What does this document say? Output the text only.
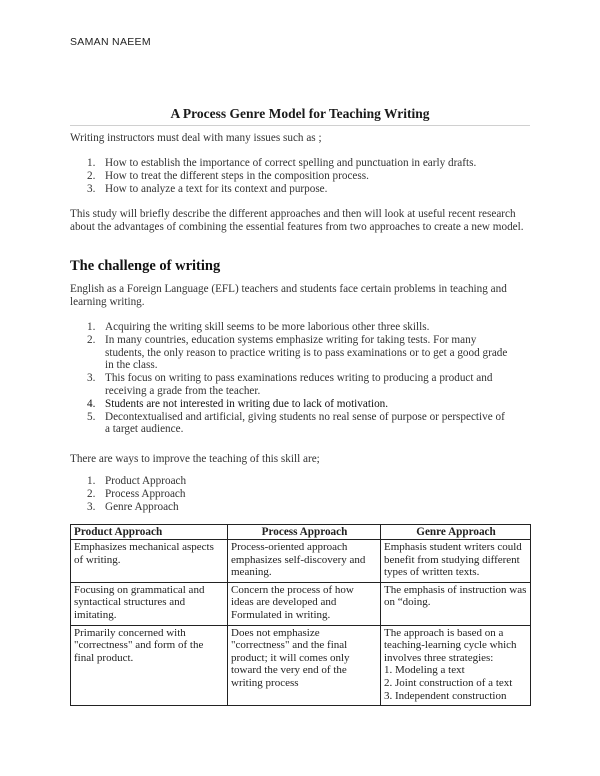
SAMAN NAEEM
A Process Genre Model for Teaching Writing
Writing instructors must deal with many issues such as ;
1. How to establish the importance of correct spelling and punctuation in early drafts.
2. How to treat the different steps in the composition process.
3. How to analyze a text for its context and purpose.
This study will briefly describe the different approaches and then will look at useful recent research about the advantages of combining the essential features from two approaches to create a new model.
The challenge of writing
English as a Foreign Language (EFL) teachers and students face certain problems in teaching and learning writing.
1. Acquiring the writing skill seems to be more laborious other three skills.
2. In many countries, education systems emphasize writing for taking tests. For many students, the only reason to practice writing is to pass examinations or to get a good grade in the class.
3. This focus on writing to pass examinations reduces writing to producing a product and receiving a grade from the teacher.
4. Students are not interested in writing due to lack of motivation.
5. Decontextualised and artificial, giving students no real sense of purpose or perspective of a target audience.
There are ways to improve the teaching of this skill are;
1. Product Approach
2. Process Approach
3. Genre Approach
Product Approach	Process Approach	Genre Approach
Emphasizes mechanical aspects of writing.	Process-oriented approach emphasizes self-discovery and meaning.	Emphasis student writers could benefit from studying different types of written texts.
Focusing on grammatical and syntactical structures and imitating.	Concern the process of how ideas are developed and Formulated in writing.	The emphasis of instruction was on “doing.
Primarily concerned with "correctness" and form of the final product.	Does not emphasize "correctness" and the final product; it will comes only toward the very end of the writing process	The approach is based on a teaching-learning cycle which involves three strategies:
1. Modeling a text
2. Joint construction of a text
3. Independent construction
